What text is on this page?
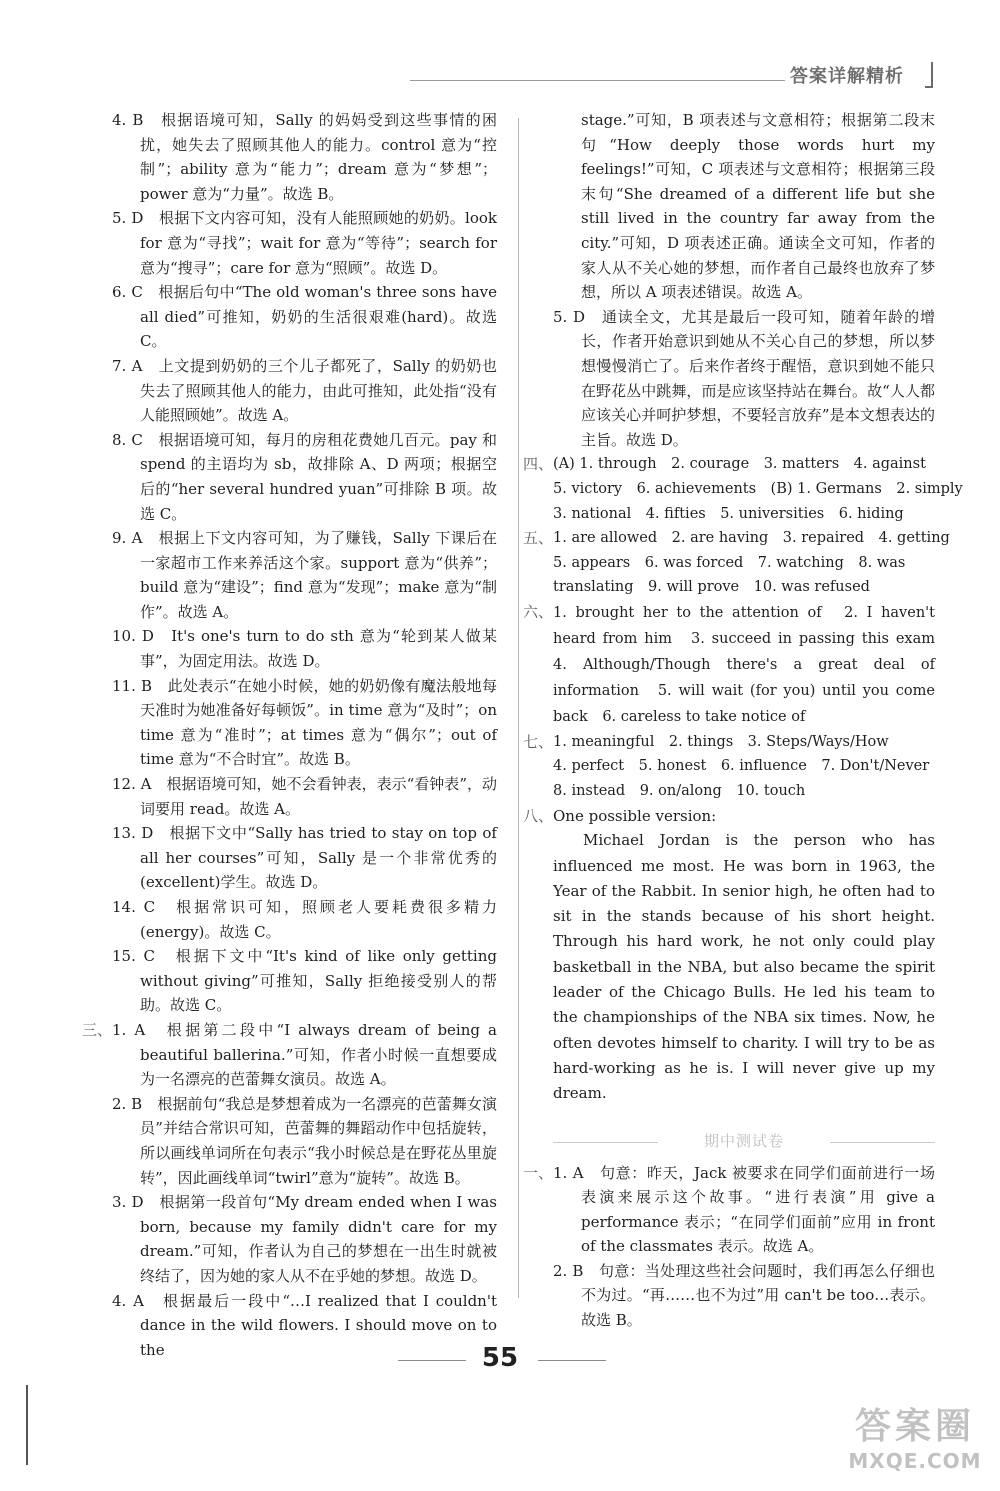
答案详解精析

4. B　根据语境可知，Sally 的妈妈受到这些事情的困扰，她失去了照顾其他人的能力。control 意为“控制”；ability 意为“能力”；dream 意为“梦想”；power 意为“力量”。故选 B。

5. D　根据下文内容可知，没有人能照顾她的奶奶。look for 意为“寻找”；wait for 意为“等待”；search for 意为“搜寻”；care for 意为“照顾”。故选 D。

6. C　根据后句中“The old woman's three sons have all died”可推知，奶奶的生活很艰难(hard)。故选 C。

7. A　上文提到奶奶的三个儿子都死了，Sally 的奶奶也失去了照顾其他人的能力，由此可推知，此处指“没有人能照顾她”。故选 A。

8. C　根据语境可知，每月的房租花费她几百元。pay 和 spend 的主语均为 sb，故排除 A、D 两项；根据空后的“her several hundred yuan”可排除 B 项。故选 C。

9. A　根据上下文内容可知，为了赚钱，Sally 下课后在一家超市工作来养活这个家。support 意为“供养”；build 意为“建设”；find 意为“发现”；make 意为“制作”。故选 A。

10. D　It's one's turn to do sth 意为“轮到某人做某事”，为固定用法。故选 D。

11. B　此处表示“在她小时候，她的奶奶像有魔法般地每天准时为她准备好每顿饭”。in time 意为“及时”；on time 意为“准时”；at times 意为“偶尔”；out of time 意为“不合时宜”。故选 B。

12. A　根据语境可知，她不会看钟表，表示“看钟表”，动词要用 read。故选 A。

13. D　根据下文中“Sally has tried to stay on top of all her courses”可知，Sally 是一个非常优秀的(excellent)学生。故选 D。

14. C　根据常识可知，照顾老人要耗费很多精力(energy)。故选 C。

15. C　根据下文中“It's kind of like only getting without giving”可推知，Sally 拒绝接受别人的帮助。故选 C。

三、 1. A　根据第二段中“I always dream of being a beautiful ballerina.”可知，作者小时候一直想要成为一名漂亮的芭蕾舞女演员。故选 A。

2. B　根据前句“我总是梦想着成为一名漂亮的芭蕾舞女演员”并结合常识可知，芭蕾舞的舞蹈动作中包括旋转，所以画线单词所在句表示“我小时候总是在野花丛里旋转”，因此画线单词“twirl”意为“旋转”。故选 B。

3. D　根据第一段首句“My dream ended when I was born, because my family didn't care for my dream.”可知，作者认为自己的梦想在一出生时就被终结了，因为她的家人从不在乎她的梦想。故选 D。

4. A　根据最后一段中“…I realized that I couldn't dance in the wild flowers. I should move on to the

stage.”可知，B 项表述与文意相符；根据第二段末句“How deeply those words hurt my feelings!”可知，C 项表述与文意相符；根据第三段末句“She dreamed of a different life but she still lived in the country far away from the city.”可知，D 项表述正确。通读全文可知，作者的家人从不关心她的梦想，而作者自己最终也放弃了梦想，所以 A 项表述错误。故选 A。

5. D　通读全文，尤其是最后一段可知，随着年龄的增长，作者开始意识到她从不关心自己的梦想，所以梦想慢慢消亡了。后来作者终于醒悟，意识到她不能只在野花丛中跳舞，而是应该坚持站在舞台。故“人人都应该关心并呵护梦想，不要轻言放弃”是本文想表达的主旨。故选 D。

四、 (A) 1. through　2. courage　3. matters　4. against

5. victory　6. achievements　(B) 1. Germans　2. simply

3. national　4. fifties　5. universities　6. hiding

五、 1. are allowed　2. are having　3. repaired　4. getting

5. appears　6. was forced　7. watching　8. was

translating　9. will prove　10. was refused

六、 1. brought her to the attention of　2. I haven't heard from him　3. succeed in passing this exam　4. Although/Though there's a great deal of information　5. will wait (for you) until you come back　6. careless to take notice of

七、 1. meaningful　2. things　3. Steps/Ways/How

4. perfect　5. honest　6. influence　7. Don't/Never

8. instead　9. on/along　10. touch

八、 One possible version:

Michael Jordan is the person who has influenced me most. He was born in 1963, the Year of the Rabbit. In senior high, he often had to sit in the stands because of his short height. Through his hard work, he not only could play basketball in the NBA, but also became the spirit leader of the Chicago Bulls. He led his team to the championships of the NBA six times. Now, he often devotes himself to charity. I will try to be as hard-working as he is. I will never give up my dream.

期中测试卷
一、 1. A　句意：昨天，Jack 被要求在同学们面前进行一场表演来展示这个故事。“进行表演”用 give a performance 表示；“在同学们面前”应用 in front of the classmates 表示。故选 A。

2. B　句意：当处理这些社会问题时，我们再怎么仔细也不为过。“再……也不为过”用 can't be too…表示。故选 B。

55
答案圈
MXQE.COM
